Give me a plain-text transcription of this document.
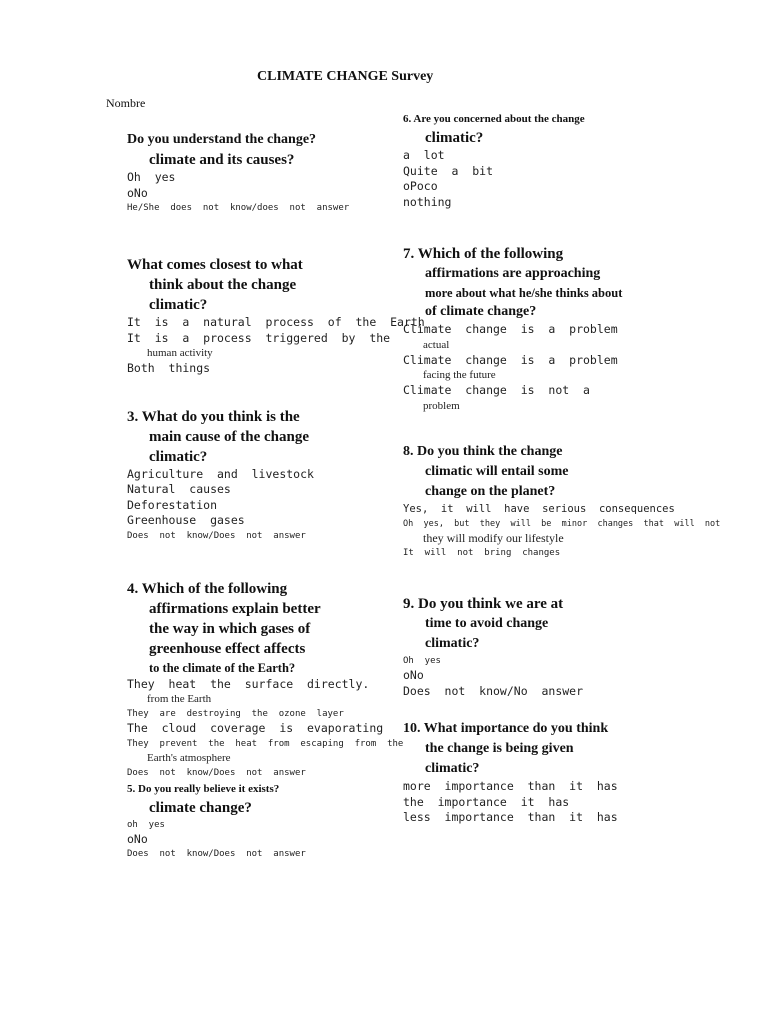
CLIMATE CHANGE Survey
Nombre
Do you understand the change?
climate and its causes?
Oh  yes
oNo
He/She  does  not  know/does  not  answer
What comes closest to what
think about the change
climatic?
It  is  a  natural  process  of  the  Earth
It  is  a  process  triggered  by  the
human activity
Both  things
3. What do you think is the
main cause of the change
climatic?
Agriculture  and  livestock
Natural  causes
Deforestation
Greenhouse  gases
Does  not  know/Does  not  answer
4. Which of the following
affirmations explain better
the way in which gases of
greenhouse effect affects
to the climate of the Earth?
They  heat  the  surface  directly.
from the Earth
They  are  destroying  the  ozone  layer
The  cloud  coverage  is  evaporating
They  prevent  the  heat  from  escaping  from  the
Earth's atmosphere
Does  not  know/Does  not  answer
5. Do you really believe it exists?
climate change?
oh  yes
oNo
Does  not  know/Does  not  answer
6. Are you concerned about the change
climatic?
a  lot
Quite  a  bit
oPoco
nothing
7. Which of the following
affirmations are approaching
more about what he/she thinks about
of climate change?
Climate  change  is  a  problem
actual
Climate  change  is  a  problem
facing the future
Climate  change  is  not  a
problem
8. Do you think the change
climatic will entail some
change on the planet?
Yes,  it  will  have  serious  consequences
Oh  yes,  but  they  will  be  minor  changes  that  will  not
they will modify our lifestyle
It  will  not  bring  changes
9. Do you think we are at
time to avoid change
climatic?
Oh  yes
oNo
Does  not  know/No  answer
10. What importance do you think
the change is being given
climatic?
more  importance  than  it  has
the  importance  it  has
less  importance  than  it  has
